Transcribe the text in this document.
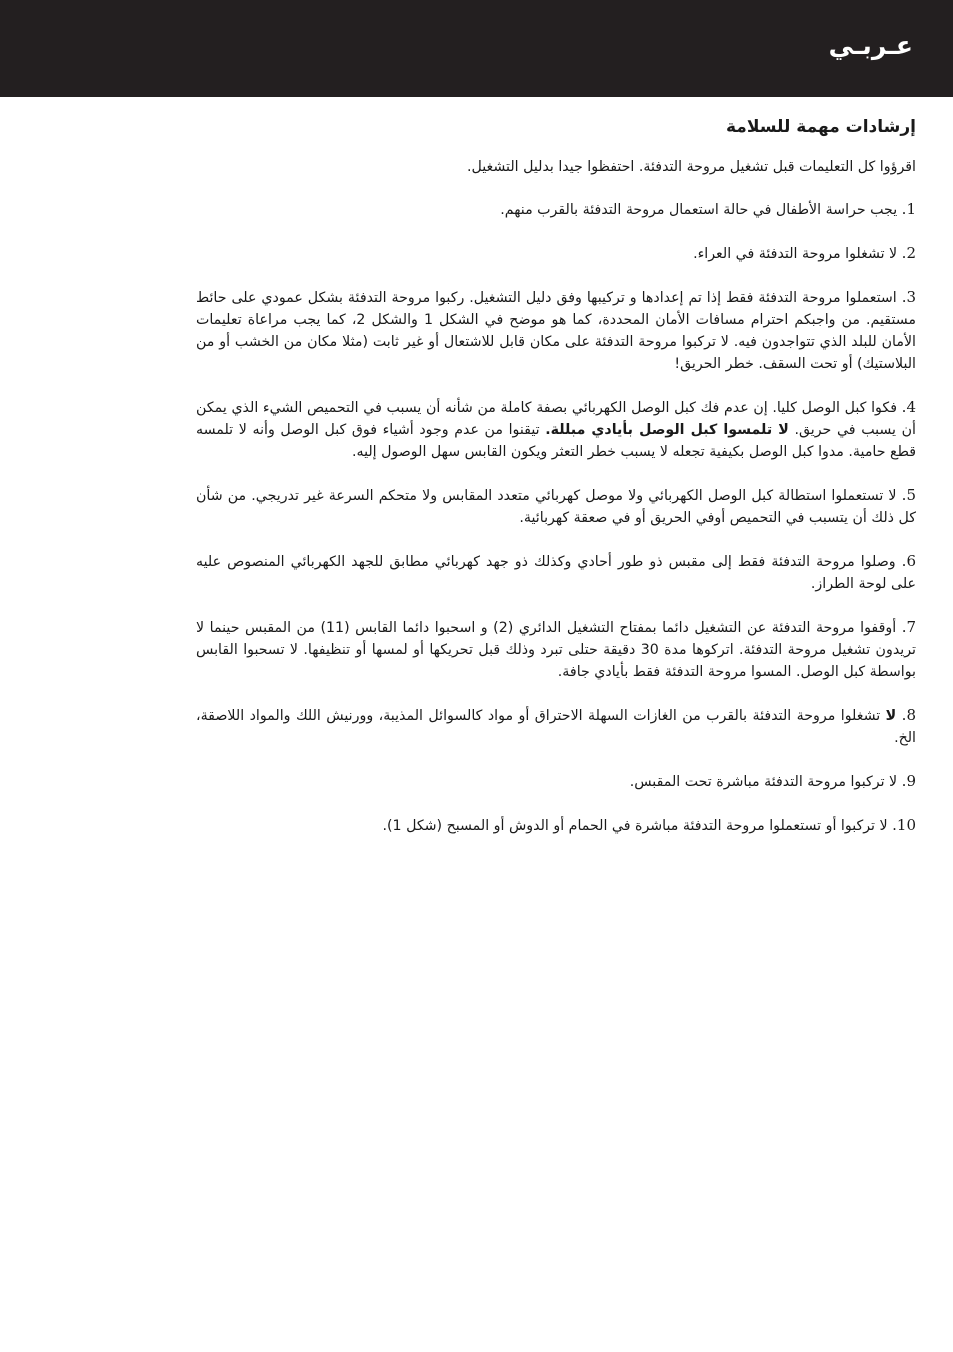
عـربـي
إرشادات مهمة للسلامة
اقرؤوا كل التعليمات قبل تشغيل مروحة التدفئة. احتفظوا جيدا بدليل التشغيل.

1. يجب حراسة الأطفال في حالة استعمال مروحة التدفئة بالقرب منهم.

2. لا تشغلوا مروحة التدفئة في العراء.

3. استعملوا مروحة التدفئة فقط إذا تم إعدادها و تركيبها وفق دليل التشغيل. ركبوا مروحة التدفئة بشكل عمودي على حائط مستقيم. من واجبكم احترام مسافات الأمان المحددة، كما هو موضح في الشكل 1 والشكل 2، كما يجب مراعاة تعليمات الأمان للبلد الذي تتواجدون فيه. لا تركبوا مروحة التدفئة على مكان قابل للاشتعال أو غير ثابت (مثلا مكان من الخشب أو من البلاستيك) أو تحت السقف. خطر الحريق!

4. فكوا كبل الوصل كليا. إن عدم فك كبل الوصل الكهربائي بصفة كاملة من شأنه أن يسبب في التحميص الشيء الذي يمكن أن يسبب في حريق. لا تلمسوا كبل الوصل بأيادي مبللة. تيقنوا من عدم وجود أشياء فوق كبل الوصل وأنه لا تلمسه قطع حامية. مدوا كبل الوصل بكيفية تجعله لا يسبب خطر التعثر ويكون القابس سهل الوصول إليه.

5. لا تستعملوا استطالة كبل الوصل الكهربائي ولا موصل كهربائي متعدد المقابس ولا متحكم السرعة غير تدريجي. من شأن كل ذلك أن يتسبب في التحميص أوفي الحريق أو في صعقة كهربائية.

6. وصلوا مروحة التدفئة فقط إلى مقبس ذو طور أحادي وكذلك ذو جهد كهربائي مطابق للجهد الكهربائي المنصوص عليه على لوحة الطراز.

7. أوقفوا مروحة التدفئة عن التشغيل دائما بمفتاح التشغيل الدائري (2) و اسحبوا دائما القابس (11) من المقبس حينما لا تريدون تشغيل مروحة التدفئة. اتركوها مدة 30 دقيقة حتلى تبرد وذلك قبل تحريكها أو لمسها أو تنظيفها. لا تسحبوا القابس بواسطة كبل الوصل. المسوا مروحة التدفئة فقط بأيادي جافة.

8. لا تشغلوا مروحة التدفئة بالقرب من الغازات السهلة الاحتراق أو مواد كالسوائل المذيبة، وورنيش اللك والمواد اللاصقة، الخ.

9. لا تركبوا مروحة التدفئة مباشرة تحت المقبس.

10. لا تركبوا أو تستعملوا مروحة التدفئة مباشرة في الحمام أو الدوش أو المسبح (شكل 1).
